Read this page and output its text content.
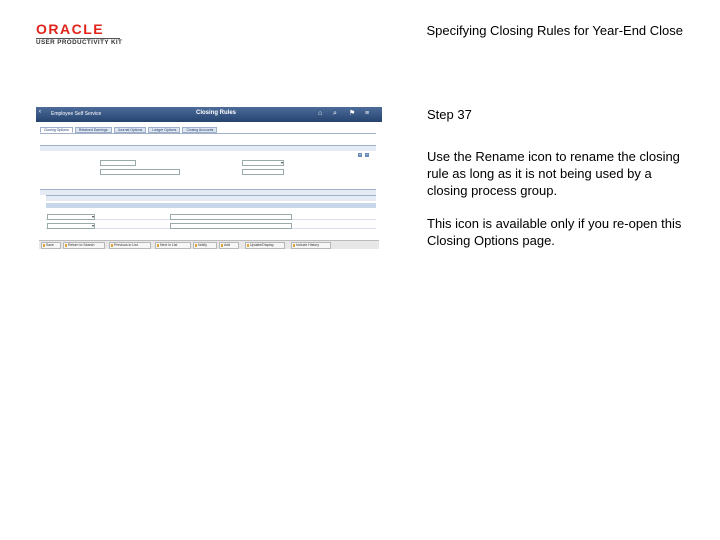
ORACLE
USER PRODUCTIVITY KIT
Specifying Closing Rules for Year-End Close
‹ Employee Self Service	Closing Rules	⌂ ⌕ ⚑ ≡
Closing Options	Retained Earnings	Journal Options	Ledger Options	Closing Accounts
+ −
▾
▾
▾
Save	Return to Search	Previous in List	Next in List	Notify	Add	Update/Display	Include History
Step 37
Use the Rename icon to rename the closing rule as long as it is not being used by a closing process group.
This icon is available only if you re-open this Closing Options page.
